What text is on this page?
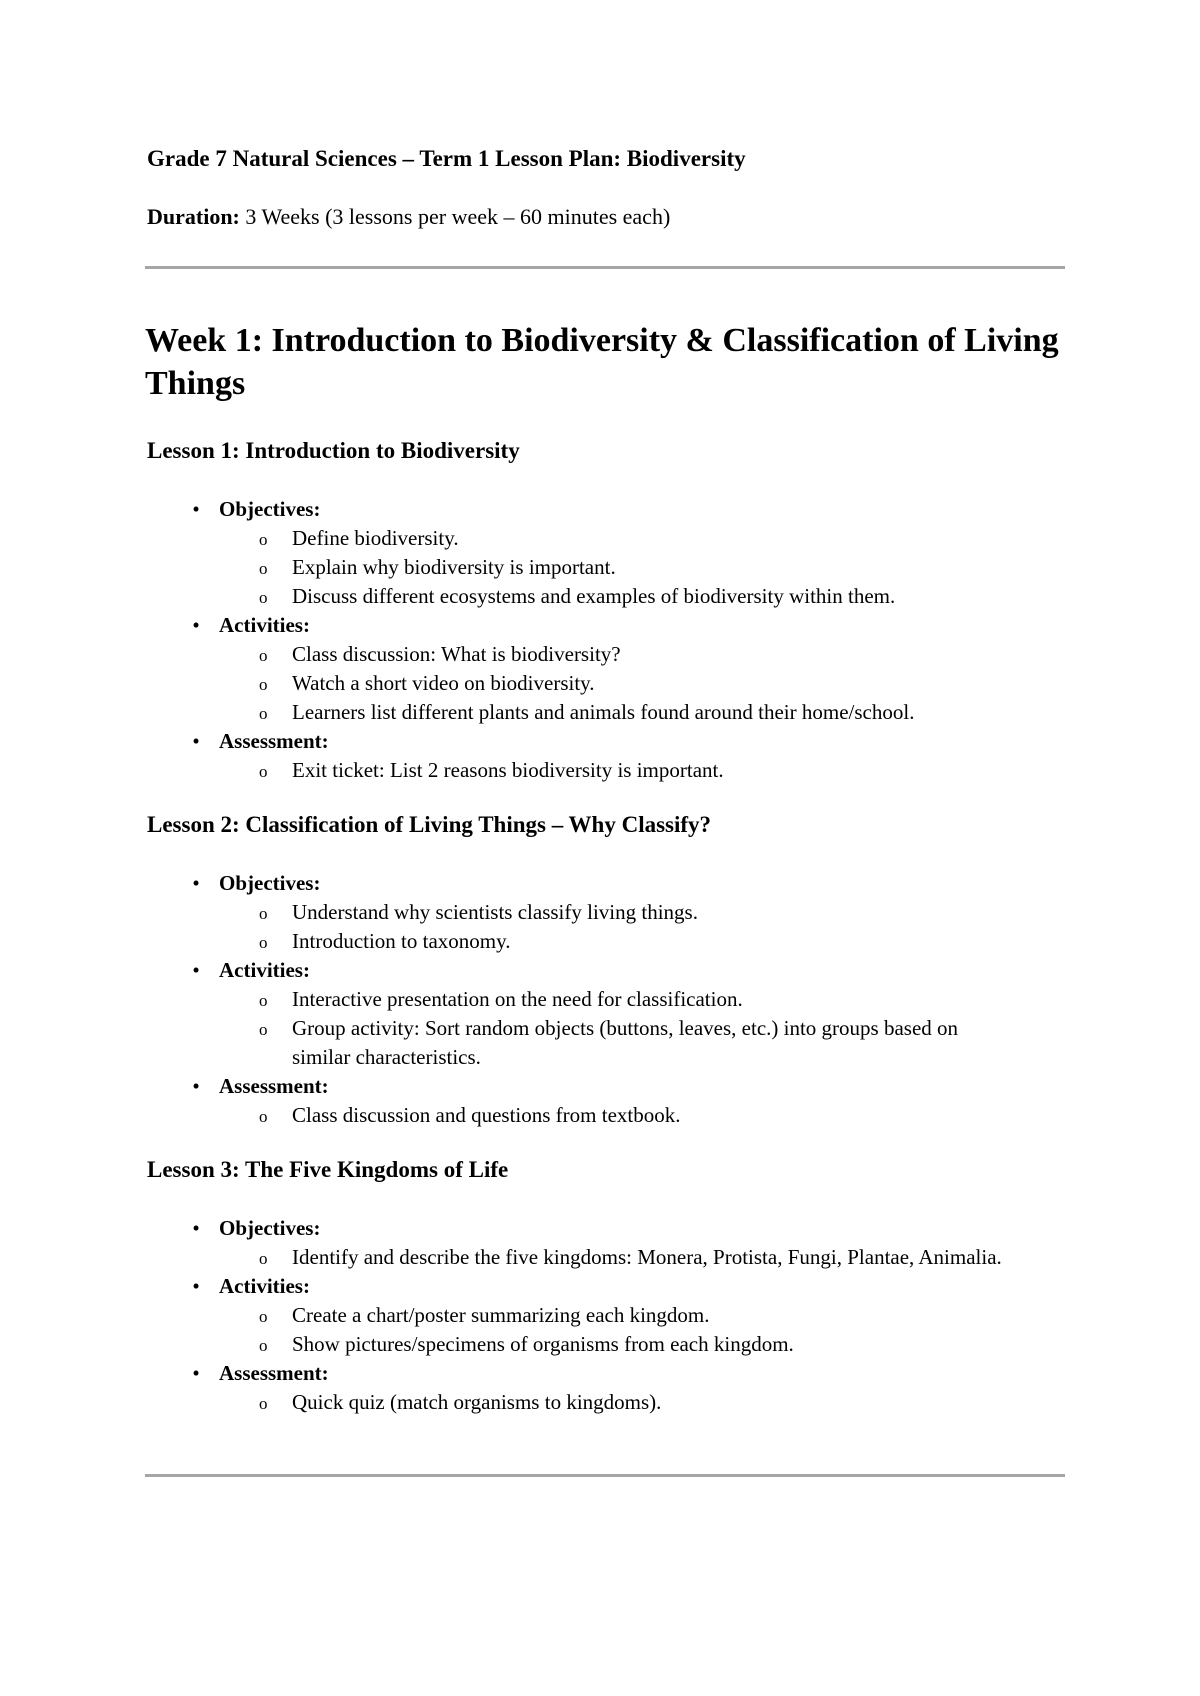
Grade 7 Natural Sciences – Term 1 Lesson Plan: Biodiversity
Duration: 3 Weeks (3 lessons per week – 60 minutes each)
Week 1: Introduction to Biodiversity & Classification of Living Things
Lesson 1: Introduction to Biodiversity
• Objectives:
o Define biodiversity.
o Explain why biodiversity is important.
o Discuss different ecosystems and examples of biodiversity within them.
• Activities:
o Class discussion: What is biodiversity?
o Watch a short video on biodiversity.
o Learners list different plants and animals found around their home/school.
• Assessment:
o Exit ticket: List 2 reasons biodiversity is important.
Lesson 2: Classification of Living Things – Why Classify?
• Objectives:
o Understand why scientists classify living things.
o Introduction to taxonomy.
• Activities:
o Interactive presentation on the need for classification.
o Group activity: Sort random objects (buttons, leaves, etc.) into groups based on similar characteristics.
• Assessment:
o Class discussion and questions from textbook.
Lesson 3: The Five Kingdoms of Life
• Objectives:
o Identify and describe the five kingdoms: Monera, Protista, Fungi, Plantae, Animalia.
• Activities:
o Create a chart/poster summarizing each kingdom.
o Show pictures/specimens of organisms from each kingdom.
• Assessment:
o Quick quiz (match organisms to kingdoms).
